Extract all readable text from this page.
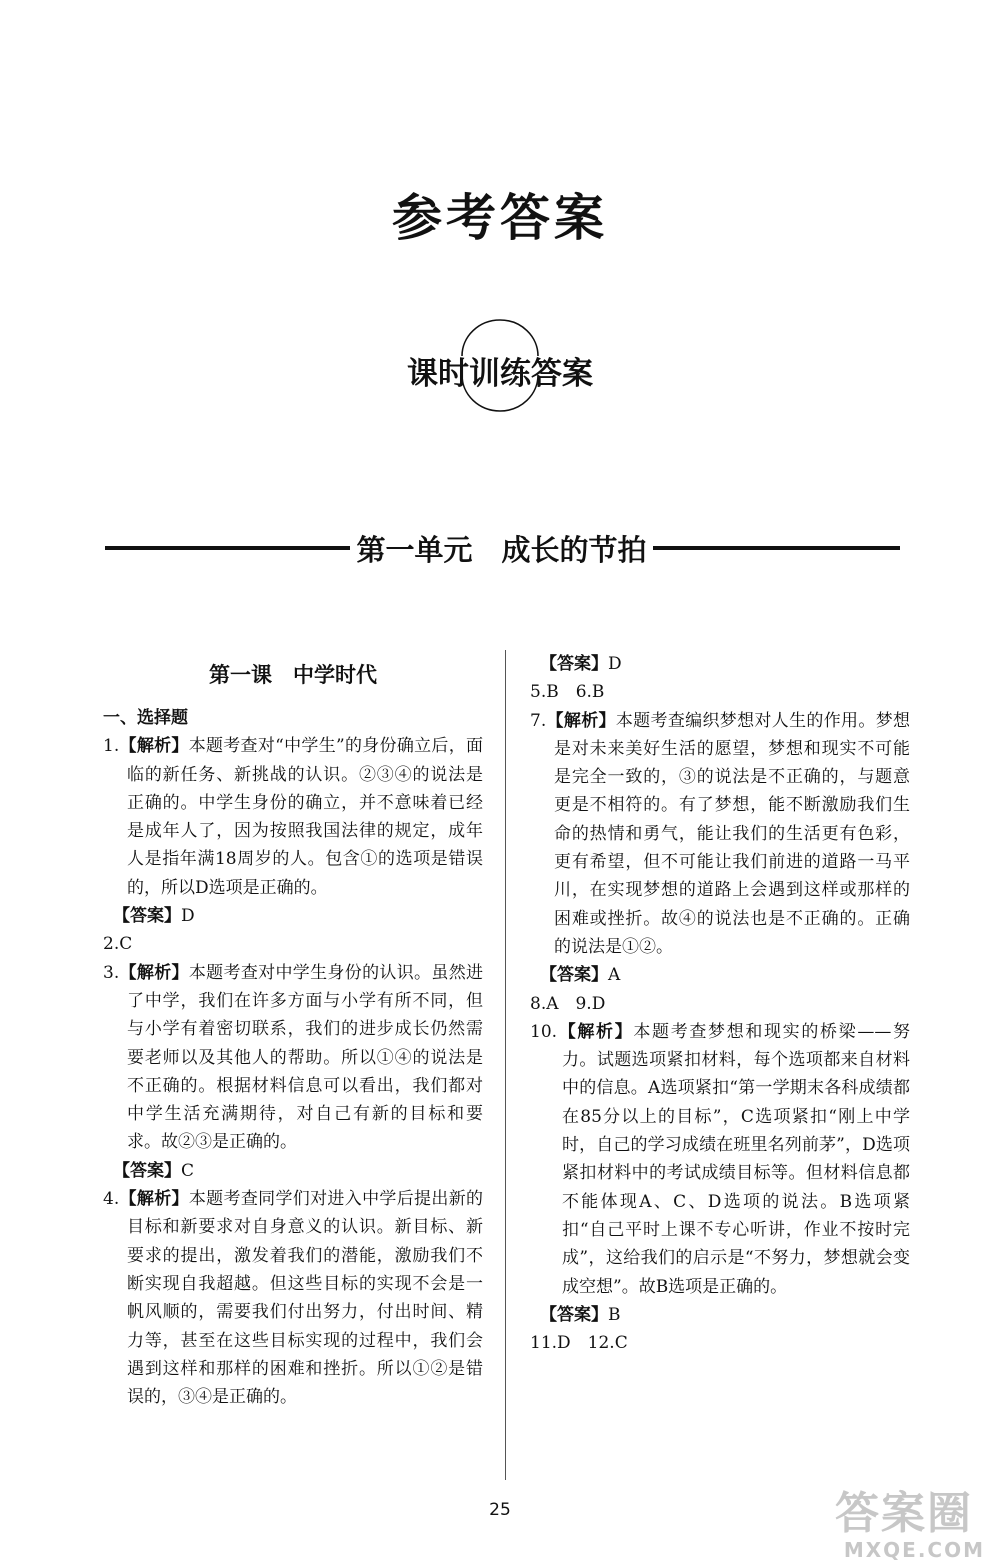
参考答案
课时训练答案
第一单元　成长的节拍
第一课　中学时代
一、选择题
1.【解析】本题考查对“中学生”的身份确立后，面临的新任务、新挑战的认识。②③④的说法是正确的。中学生身份的确立，并不意味着已经是成年人了，因为按照我国法律的规定，成年人是指年满18周岁的人。包含①的选项是错误的，所以D选项是正确的。
【答案】D
2.C
3.【解析】本题考查对中学生身份的认识。虽然进了中学，我们在许多方面与小学有所不同，但与小学有着密切联系，我们的进步成长仍然需要老师以及其他人的帮助。所以①④的说法是不正确的。根据材料信息可以看出，我们都对中学生活充满期待，对自己有新的目标和要求。故②③是正确的。
【答案】C
4.【解析】本题考查同学们对进入中学后提出新的目标和新要求对自身意义的认识。新目标、新要求的提出，激发着我们的潜能，激励我们不断实现自我超越。但这些目标的实现不会是一帆风顺的，需要我们付出努力，付出时间、精力等，甚至在这些目标实现的过程中，我们会遇到这样和那样的困难和挫折。所以①②是错误的，③④是正确的。
【答案】D
5.B　6.B
7.【解析】本题考查编织梦想对人生的作用。梦想是对未来美好生活的愿望，梦想和现实不可能是完全一致的，③的说法是不正确的，与题意更是不相符的。有了梦想，能不断激励我们生命的热情和勇气，能让我们的生活更有色彩，更有希望，但不可能让我们前进的道路一马平川，在实现梦想的道路上会遇到这样或那样的困难或挫折。故④的说法也是不正确的。正确的说法是①②。
【答案】A
8.A　9.D
10.【解析】本题考查梦想和现实的桥梁——努力。试题选项紧扣材料，每个选项都来自材料中的信息。A选项紧扣“第一学期末各科成绩都在85分以上的目标”，C选项紧扣“刚上中学时，自己的学习成绩在班里名列前茅”，D选项紧扣材料中的考试成绩目标等。但材料信息都不能体现A、C、D选项的说法。B选项紧扣“自己平时上课不专心听讲，作业不按时完成”，这给我们的启示是“不努力，梦想就会变成空想”。故B选项是正确的。
【答案】B
11.D　12.C
25	答案圈
MXQE.COM
